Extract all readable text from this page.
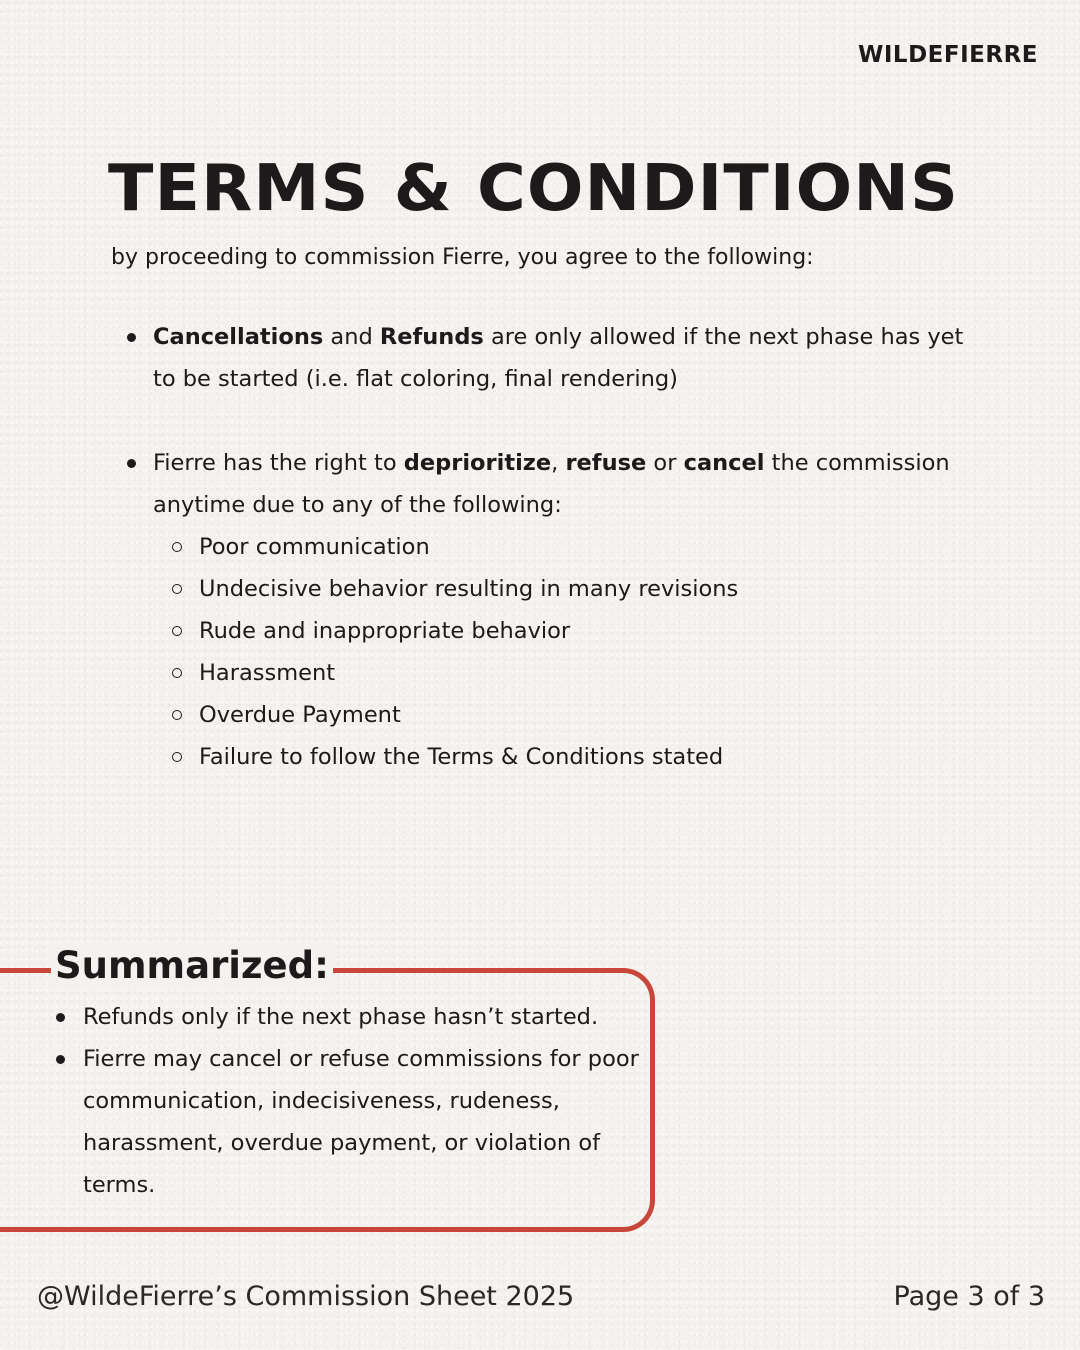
WILDEFIERRE
TERMS & CONDITIONS
by proceeding to commission Fierre, you agree to the following:
Cancellations and Refunds are only allowed if the next phase has yet to be started (i.e. flat coloring, final rendering)
Fierre has the right to deprioritize, refuse or cancel the commission anytime due to any of the following:
Poor communication
Undecisive behavior resulting in many revisions
Rude and inappropriate behavior
Harassment
Overdue Payment
Failure to follow the Terms & Conditions stated
Summarized:
Refunds only if the next phase hasn’t started.
Fierre may cancel or refuse commissions for poor communication, indecisiveness, rudeness, harassment, overdue payment, or violation of terms.
@WildeFierre’s Commission Sheet 2025	Page 3 of 3
